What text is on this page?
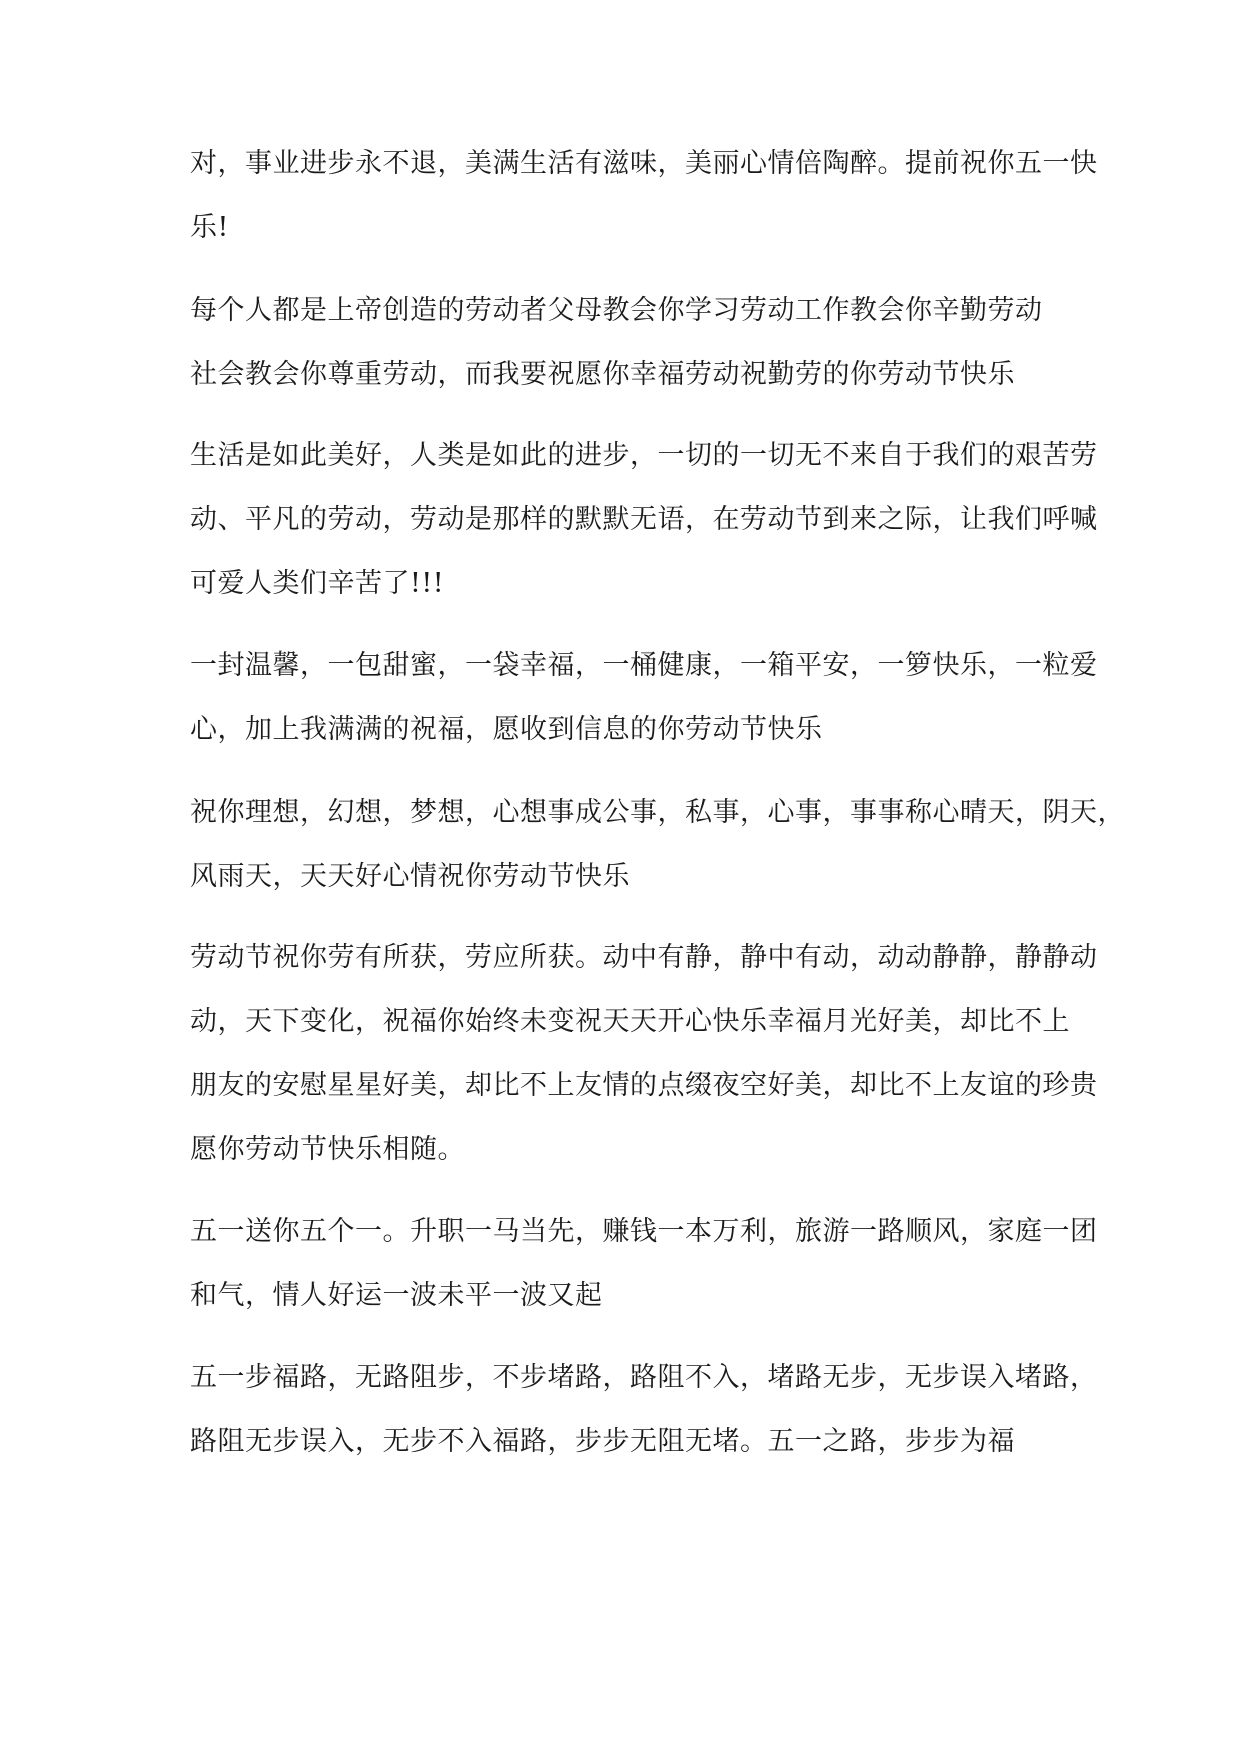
对，事业进步永不退，美满生活有滋味，美丽心情倍陶醉。提前祝你五一快
乐!
每个人都是上帝创造的劳动者父母教会你学习劳动工作教会你辛勤劳动
社会教会你尊重劳动，而我要祝愿你幸福劳动祝勤劳的你劳动节快乐
生活是如此美好，人类是如此的进步，一切的一切无不来自于我们的艰苦劳
动、平凡的劳动，劳动是那样的默默无语，在劳动节到来之际，让我们呼喊
可爱人类们辛苦了!!!
一封温馨，一包甜蜜，一袋幸福，一桶健康，一箱平安，一箩快乐，一粒爱
心，加上我满满的祝福，愿收到信息的你劳动节快乐
祝你理想，幻想，梦想，心想事成公事，私事，心事，事事称心晴天，阴天，
风雨天，天天好心情祝你劳动节快乐
劳动节祝你劳有所获，劳应所获。动中有静，静中有动，动动静静，静静动
动，天下变化，祝福你始终未变祝天天开心快乐幸福月光好美，却比不上
朋友的安慰星星好美，却比不上友情的点缀夜空好美，却比不上友谊的珍贵
愿你劳动节快乐相随。
五一送你五个一。升职一马当先，赚钱一本万利，旅游一路顺风，家庭一团
和气，情人好运一波未平一波又起
五一步福路，无路阻步，不步堵路，路阻不入，堵路无步，无步误入堵路，
路阻无步误入，无步不入福路，步步无阻无堵。五一之路，步步为福
